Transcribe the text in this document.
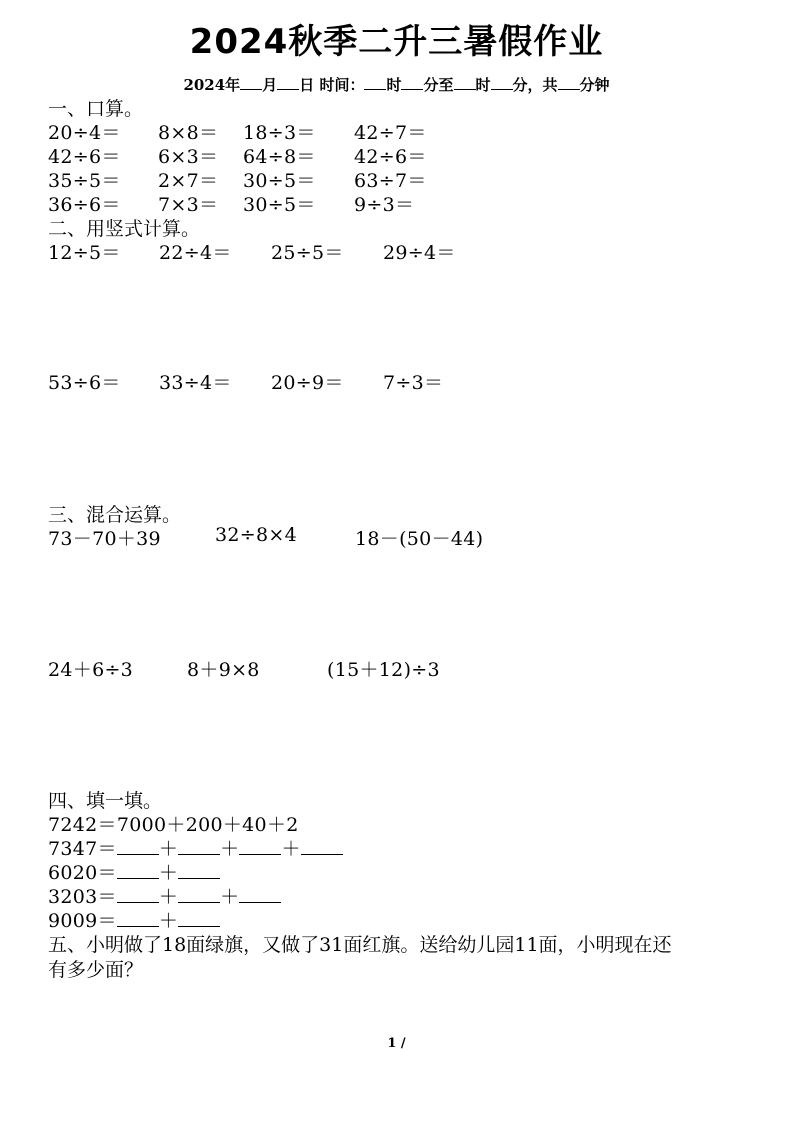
2024秋季二升三暑假作业
2024年 月 日 时间： 时 分至 时 分，共 分钟
一、口算。
20÷4＝ 8×8＝ 18÷3＝ 42÷7＝
42÷6＝ 6×3＝ 64÷8＝ 42÷6＝
35÷5＝ 2×7＝ 30÷5＝ 63÷7＝
36÷6＝ 7×3＝ 30÷5＝ 9÷3＝
二、用竖式计算。
12÷5＝ 22÷4＝ 25÷5＝ 29÷4＝
53÷6＝ 33÷4＝ 20÷9＝ 7÷3＝
三、混合运算。
73－70＋39	32÷8×4	18－(50－44)
24＋6÷3	8＋9×8	(15＋12)÷3
四、填一填。
7242＝7000＋200＋40＋2
7347＝ ＋ ＋ ＋
6020＝ ＋
3203＝ ＋ ＋
9009＝ ＋
五、小明做了18面绿旗，又做了31面红旗。送给幼儿园11面，小明现在还
有多少面？
1 /
